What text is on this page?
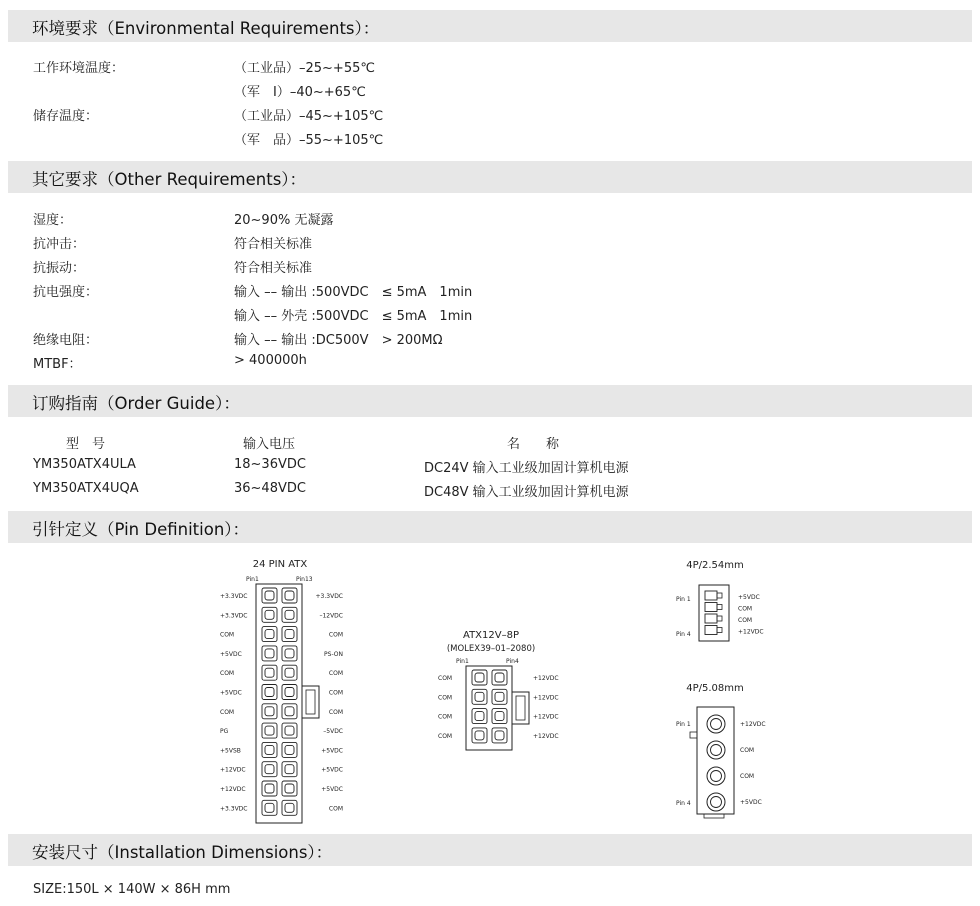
环境要求（Environmental Requirements）：
工作环境温度：	（工业品）–25~+55℃
（军　Ⅰ）–40~+65℃
储存温度：	（工业品）–45~+105℃
（军　品）–55~+105℃
其它要求（Other Requirements）：
湿度：	20~90% 无凝露
抗冲击：	符合相关标准
抗振动：	符合相关标准
抗电强度：	输入 –– 输出 :500VDC　≤ 5mA　1min
输入 –– 外壳 :500VDC　≤ 5mA　1min
绝缘电阻：	输入 –– 输出 :DC500V　> 200MΩ
MTBF：	> 400000h
订购指南（Order Guide）：
型　号	输入电压	名　　称
YM350ATX4ULA	18~36VDC	DC24V 输入工业级加固计算机电源
YM350ATX4UQA	36~48VDC	DC48V 输入工业级加固计算机电源
引针定义（Pin Definition）：
24 PIN ATX
Pin1	Pin13
+3.3VDC
+3.3VDC
COM
+5VDC
COM
+5VDC
COM
PG
+5VSB
+12VDC
+12VDC
+3.3VDC
+3.3VDC
–12VDC
COM
PS-ON
COM
COM
COM
–5VDC
+5VDC
+5VDC
+5VDC
COM
ATX12V–8P
(MOLEX39–01–2080)
Pin1	Pin4
COM
COM
COM
COM
+12VDC
+12VDC
+12VDC
+12VDC
4P/2.54mm
Pin 1
Pin 4
+5VDC
COM
COM
+12VDC
4P/5.08mm
Pin 1
Pin 4
+12VDC
COM
COM
+5VDC
安装尺寸（Installation Dimensions）：
SIZE:150L × 140W × 86H mm
